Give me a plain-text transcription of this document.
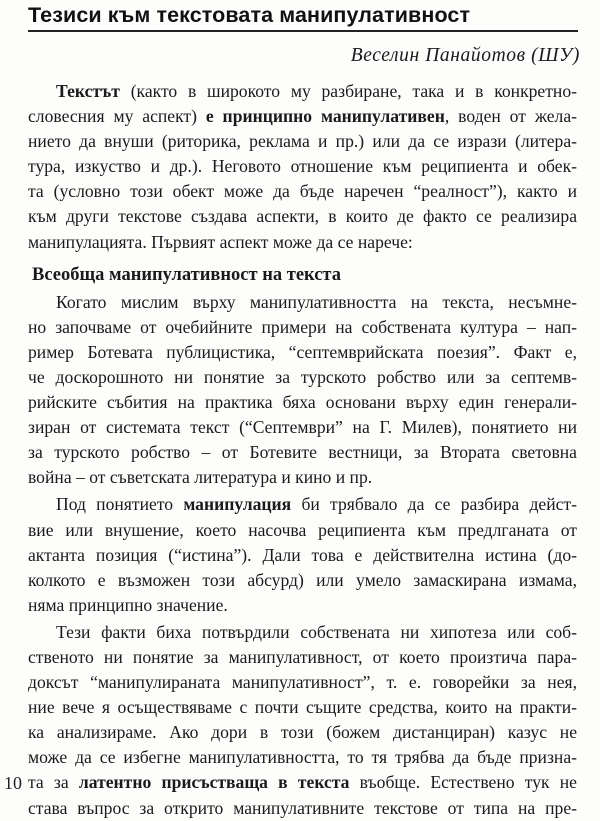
Тезиси към текстовата манипулативност
Веселин Панайотов (ШУ)
Текстът (както в широкото му разбиране, така и в конкретно-
словесния му аспект) е принципно манипулативен, воден от жела-
нието да внуши (риторика, реклама и пр.) или да се изрази (литера-
тура, изкуство и др.). Неговото отношение към реципиента и обек-
та (условно този обект може да бъде наречен “реалност”), както и
към други текстове създава аспекти, в които де факто се реализира
манипулацията. Първият аспект може да се нарече:
Всеобща манипулативност на текста
Когато мислим върху манипулативността на текста, несъмне-
но започваме от очебийните примери на собствената култура – нап-
ример Ботевата публицистика, “септемврийската поезия”. Факт е,
че доскорошното ни понятие за турското робство или за септемв-
рийските събития на практика бяха основани върху един генерали-
зиран от системата текст (“Септември” на Г. Милев), понятието ни
за турското робство – от Ботевите вестници, за Втората световна
война – от съветската литература и кино и пр.
Под понятието манипулация би трябвало да се разбира дейст-
вие или внушение, което насочва реципиента към предлганата от
актанта позиция (“истина”). Дали това е действителна истина (до-
колкото е възможен този абсурд) или умело замаскирана измама,
няма принципно значение.
Тези факти биха потвърдили собствената ни хипотеза или соб-
ственото ни понятие за манипулативност, от което произтича пара-
доксът “манипулираната манипулативност”, т. е. говорейки за нея,
ние вече я осъществяваме с почти същите средства, които на практи-
ка анализираме. Ако дори в този (божем дистанциран) казус не
може да се избегне манипулативността, то тя трябва да бъде призна-
та за латентно присъстваща в текста въобще. Естествено тук не
става въпрос за открито манипулативните текстове от типа на пре-
10
